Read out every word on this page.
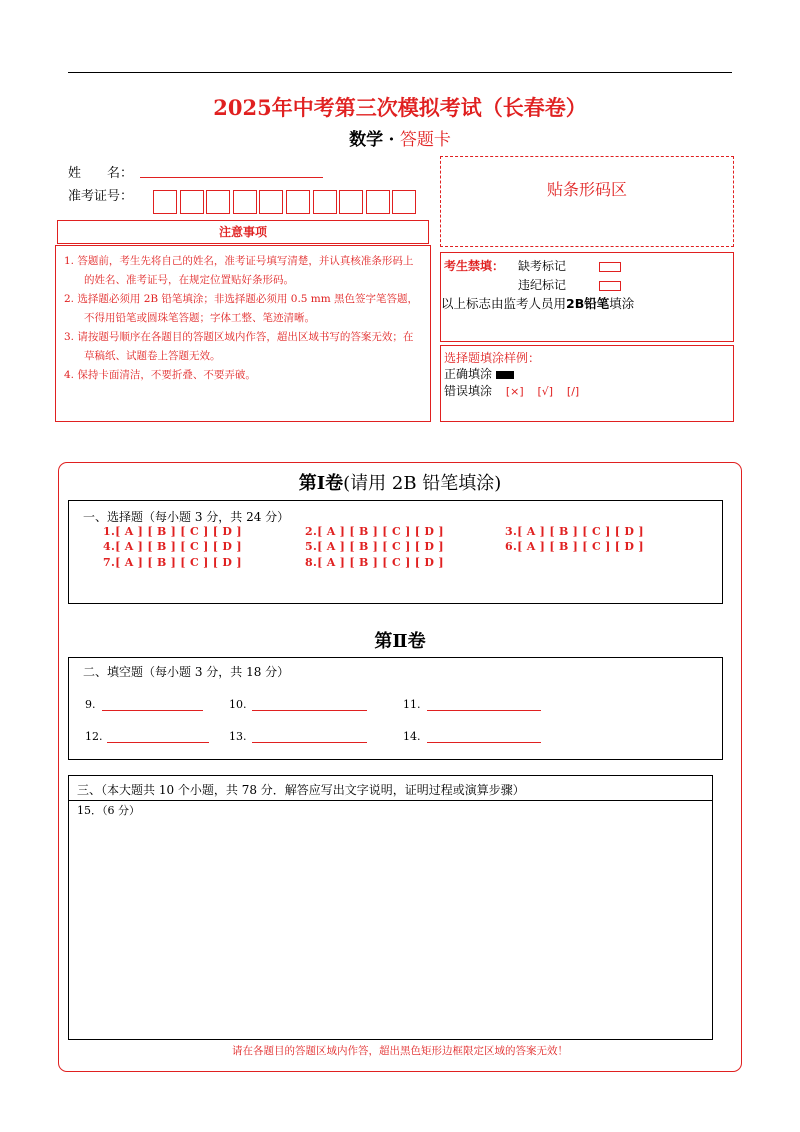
2025年中考第三次模拟考试（长春卷）
数学 · 答题卡
姓　　名：
准考证号：	贴条形码区
注意事项
1. 答题前，考生先将自己的姓名，准考证号填写清楚，并认真核准条形码上的姓名、准考证号，在规定位置贴好条形码。
2. 选择题必须用 2B 铅笔填涂；非选择题必须用 0.5 mm 黑色签字笔答题，不得用铅笔或圆珠笔答题；字体工整、笔迹清晰。
3. 请按题号顺序在各题目的答题区域内作答，超出区域书写的答案无效；在草稿纸、试题卷上答题无效。
4. 保持卡面清洁，不要折叠、不要弄破。
考生禁填： 缺考标记
违纪标记
以上标志由监考人员用2B铅笔填涂
选择题填涂样例：
正确填涂
错误填涂 [×] [√] [/]
第Ⅰ卷(请用 2B 铅笔填涂)
一、选择题（每小题 3 分，共 24 分）
1.[ A ] [ B ] [ C ] [ D ]	2.[ A ] [ B ] [ C ] [ D ]	3.[ A ] [ B ] [ C ] [ D ]
4.[ A ] [ B ] [ C ] [ D ]	5.[ A ] [ B ] [ C ] [ D ]	6.[ A ] [ B ] [ C ] [ D ]
7.[ A ] [ B ] [ C ] [ D ]	8.[ A ] [ B ] [ C ] [ D ]
第Ⅱ卷
二、填空题（每小题 3 分，共 18 分）
9.	10.	11.
12.	13.	14.
三、（本大题共 10 个小题，共 78 分．解答应写出文字说明，证明过程或演算步骤）
15．（6 分）
请在各题目的答题区域内作答，超出黑色矩形边框限定区域的答案无效！
